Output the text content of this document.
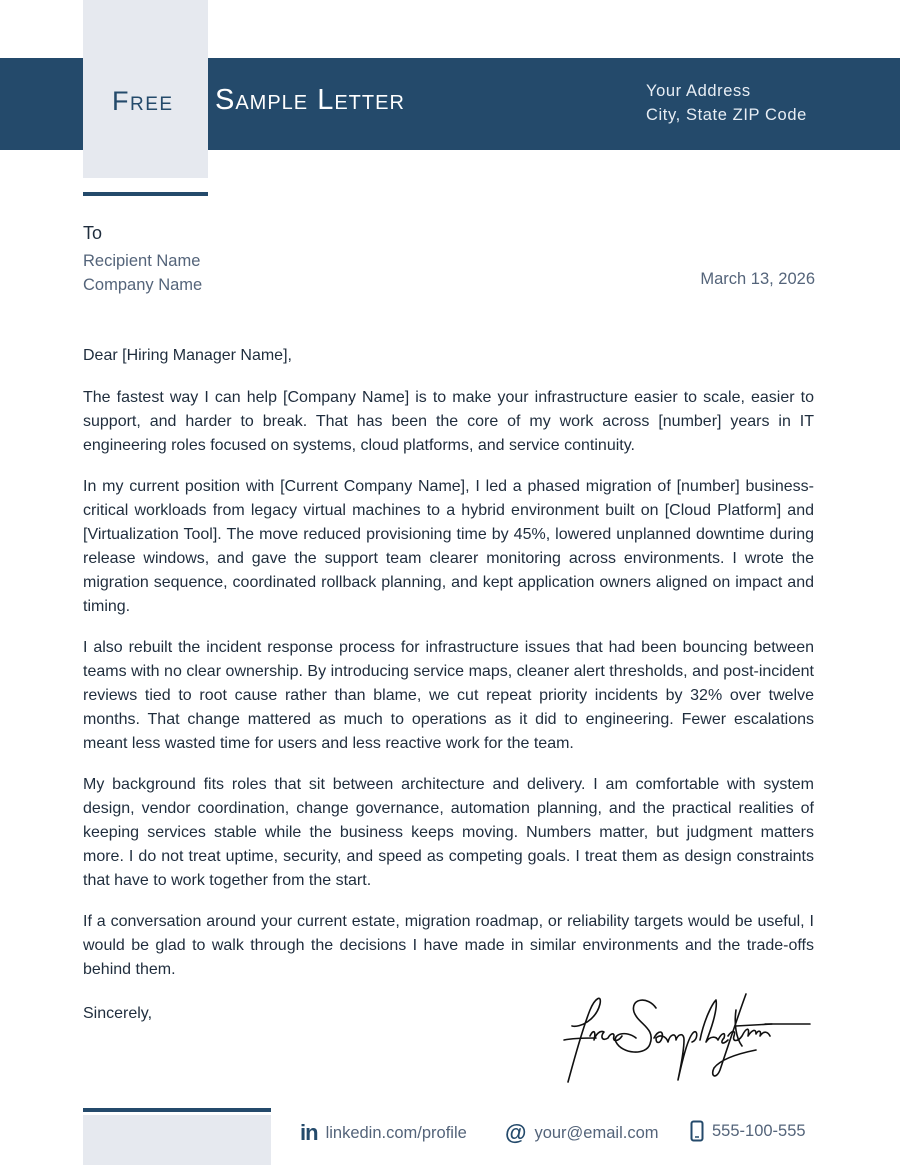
Free Sample Letter	Your Address
City, State ZIP Code
To
Recipient Name
Company Name	March 13, 2026

Dear [Hiring Manager Name],

The fastest way I can help [Company Name] is to make your infrastructure easier to scale, easier to support, and harder to break. That has been the core of my work across [number] years in IT engineering roles focused on systems, cloud platforms, and service continuity.

In my current position with [Current Company Name], I led a phased migration of [number] business-critical workloads from legacy virtual machines to a hybrid environment built on [Cloud Platform] and [Virtualization Tool]. The move reduced provisioning time by 45%, lowered unplanned downtime during release windows, and gave the support team clearer monitoring across environments. I wrote the migration sequence, coordinated rollback planning, and kept application owners aligned on impact and timing.

I also rebuilt the incident response process for infrastructure issues that had been bouncing between teams with no clear ownership. By introducing service maps, cleaner alert thresholds, and post-incident reviews tied to root cause rather than blame, we cut repeat priority incidents by 32% over twelve months. That change mattered as much to operations as it did to engineering. Fewer escalations meant less wasted time for users and less reactive work for the team.

My background fits roles that sit between architecture and delivery. I am comfortable with system design, vendor coordination, change governance, automation planning, and the practical realities of keeping services stable while the business keeps moving. Numbers matter, but judgment matters more. I do not treat uptime, security, and speed as competing goals. I treat them as design constraints that have to work together from the start.

If a conversation around your current estate, migration roadmap, or reliability targets would be useful, I would be glad to walk through the decisions I have made in similar environments and the trade-offs behind them.

Sincerely,
in linkedin.com/profile @ your@email.com	555-100-555
